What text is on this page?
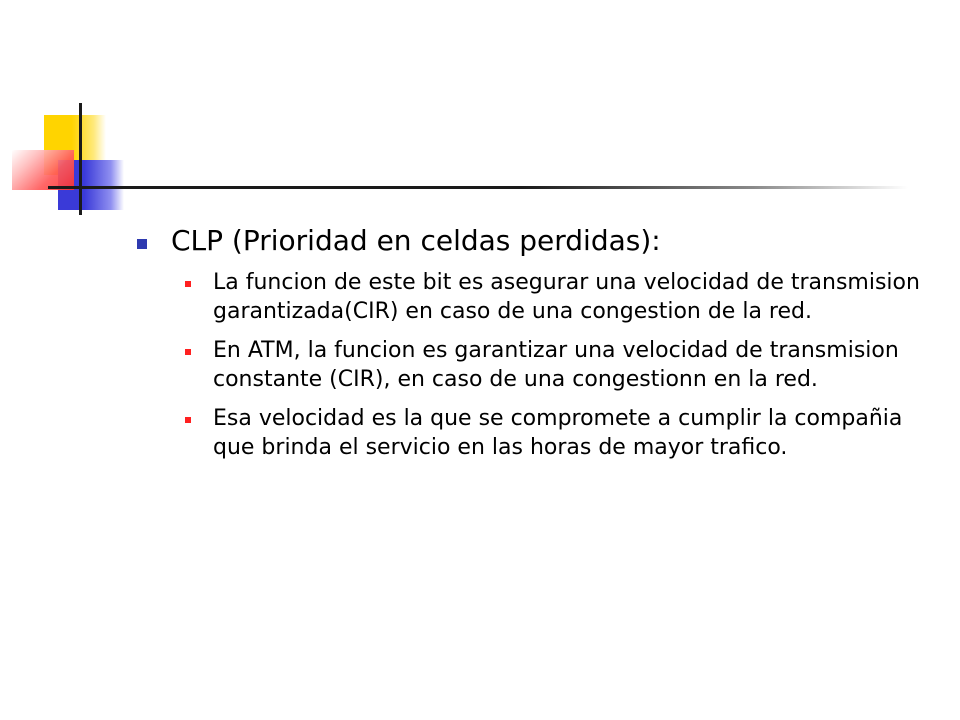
CLP (Prioridad en celdas perdidas):
La funcion de este bit es asegurar una velocidad de transmision garantizada(CIR) en caso de una congestion de la red.
En ATM, la funcion es garantizar una velocidad de transmision constante (CIR), en caso de una congestionn en la red.
Esa velocidad es la que se compromete a cumplir la compañia que brinda el servicio en las horas de mayor trafico.
